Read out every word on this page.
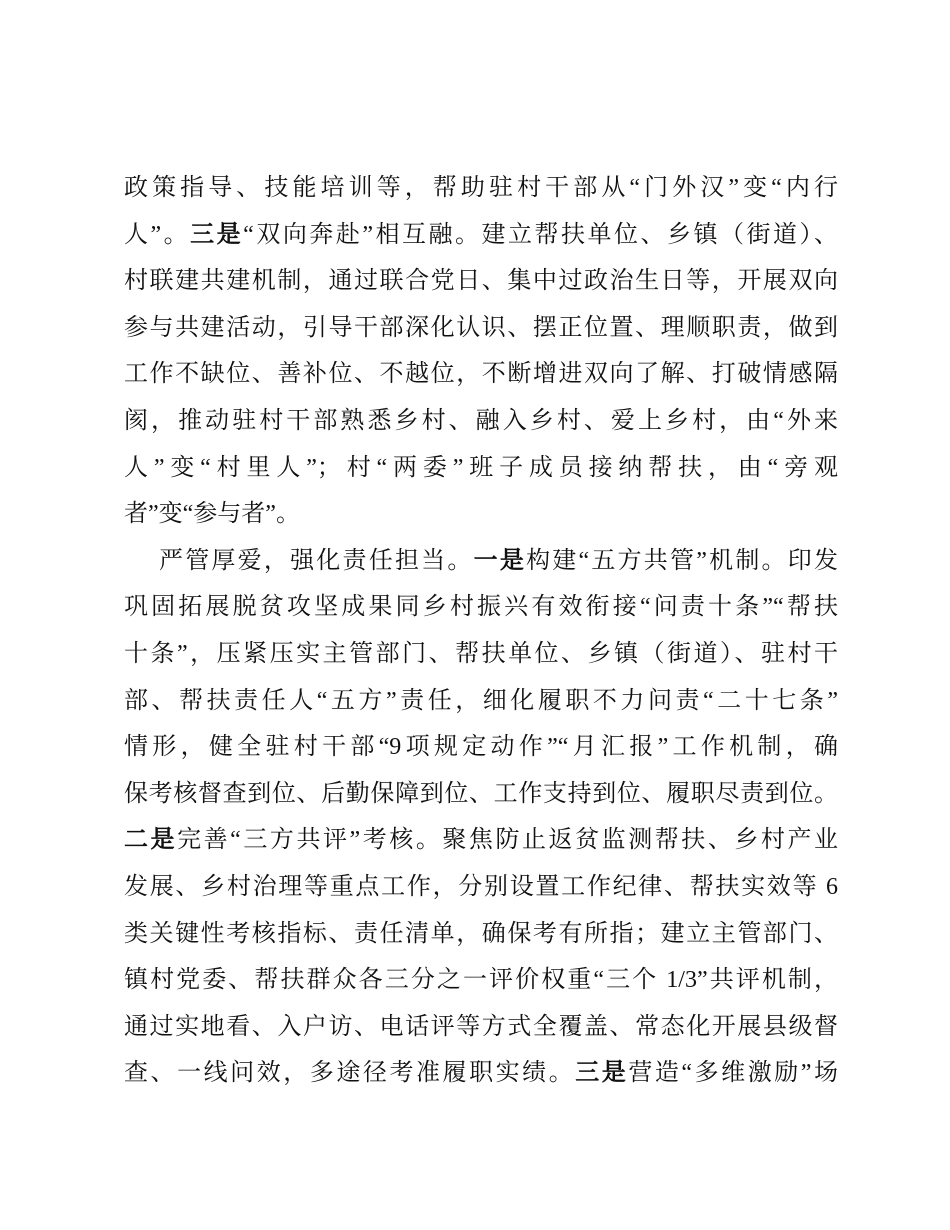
政策指导、技能培训等，帮助驻村干部从“门外汉”变“内行
人”。三是“双向奔赴”相互融。建立帮扶单位、乡镇（街道）、
村联建共建机制，通过联合党日、集中过政治生日等，开展双向
参与共建活动，引导干部深化认识、摆正位置、理顺职责，做到
工作不缺位、善补位、不越位，不断增进双向了解、打破情感隔
阂，推动驻村干部熟悉乡村、融入乡村、爱上乡村，由“外来
人”变“村里人”；村“两委”班子成员接纳帮扶，由“旁观
者”变“参与者”。
严管厚爱，强化责任担当。一是构建“五方共管”机制。印发
巩固拓展脱贫攻坚成果同乡村振兴有效衔接“问责十条”“帮扶
十条”，压紧压实主管部门、帮扶单位、乡镇（街道）、驻村干
部、帮扶责任人“五方”责任，细化履职不力问责“二十七条”
情形，健全驻村干部“9项规定动作”“月汇报”工作机制，确
保考核督查到位、后勤保障到位、工作支持到位、履职尽责到位。
二是完善“三方共评”考核。聚焦防止返贫监测帮扶、乡村产业
发展、乡村治理等重点工作，分别设置工作纪律、帮扶实效等 6
类关键性考核指标、责任清单，确保考有所指；建立主管部门、
镇村党委、帮扶群众各三分之一评价权重“三个 1/3”共评机制，
通过实地看、入户访、电话评等方式全覆盖、常态化开展县级督
查、一线问效，多途径考准履职实绩。三是营造“多维激励”场
